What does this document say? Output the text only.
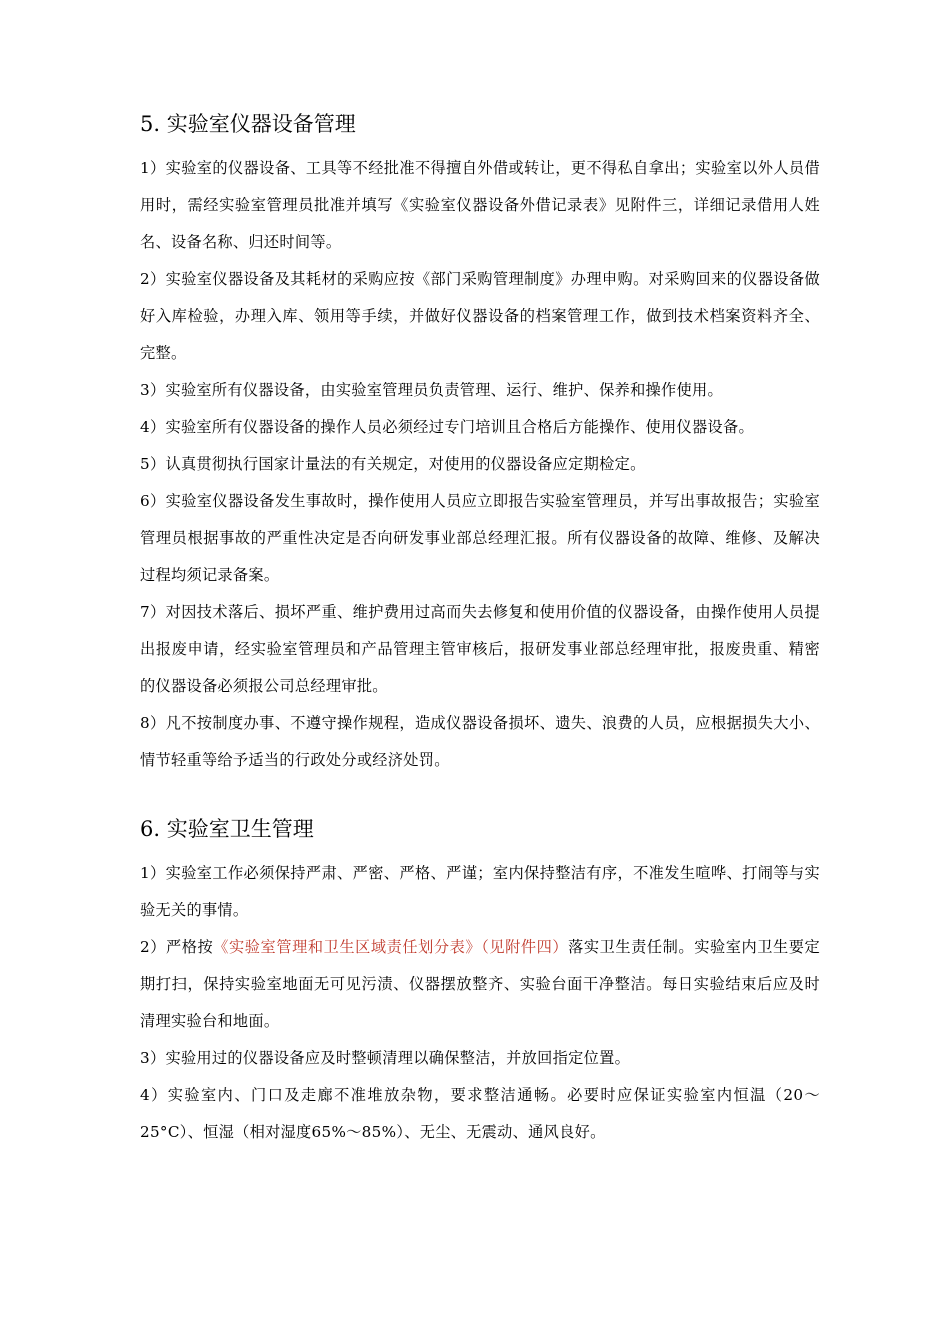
5. 实验室仪器设备管理

1）实验室的仪器设备、工具等不经批准不得擅自外借或转让，更不得私自拿出；实验室以外人员借用时，需经实验室管理员批准并填写《实验室仪器设备外借记录表》见附件三，详细记录借用人姓名、设备名称、归还时间等。

2）实验室仪器设备及其耗材的采购应按《部门采购管理制度》办理申购。对采购回来的仪器设备做好入库检验，办理入库、领用等手续，并做好仪器设备的档案管理工作，做到技术档案资料齐全、完整。

3）实验室所有仪器设备，由实验室管理员负责管理、运行、维护、保养和操作使用。

4）实验室所有仪器设备的操作人员必须经过专门培训且合格后方能操作、使用仪器设备。

5）认真贯彻执行国家计量法的有关规定，对使用的仪器设备应定期检定。

6）实验室仪器设备发生事故时，操作使用人员应立即报告实验室管理员，并写出事故报告；实验室管理员根据事故的严重性决定是否向研发事业部总经理汇报。所有仪器设备的故障、维修、及解决过程均须记录备案。

7）对因技术落后、损坏严重、维护费用过高而失去修复和使用价值的仪器设备，由操作使用人员提出报废申请，经实验室管理员和产品管理主管审核后，报研发事业部总经理审批，报废贵重、精密的仪器设备必须报公司总经理审批。

8）凡不按制度办事、不遵守操作规程，造成仪器设备损坏、遗失、浪费的人员，应根据损失大小、情节轻重等给予适当的行政处分或经济处罚。

6. 实验室卫生管理

1）实验室工作必须保持严肃、严密、严格、严谨；室内保持整洁有序，不准发生喧哗、打闹等与实验无关的事情。

2）严格按《实验室管理和卫生区域责任划分表》（见附件四）落实卫生责任制。实验室内卫生要定期打扫，保持实验室地面无可见污渍、仪器摆放整齐、实验台面干净整洁。每日实验结束后应及时清理实验台和地面。

3）实验用过的仪器设备应及时整顿清理以确保整洁，并放回指定位置。

4）实验室内、门口及走廊不准堆放杂物，要求整洁通畅。必要时应保证实验室内恒温（20～25°C）、恒湿（相对湿度65%～85%）、无尘、无震动、通风良好。
